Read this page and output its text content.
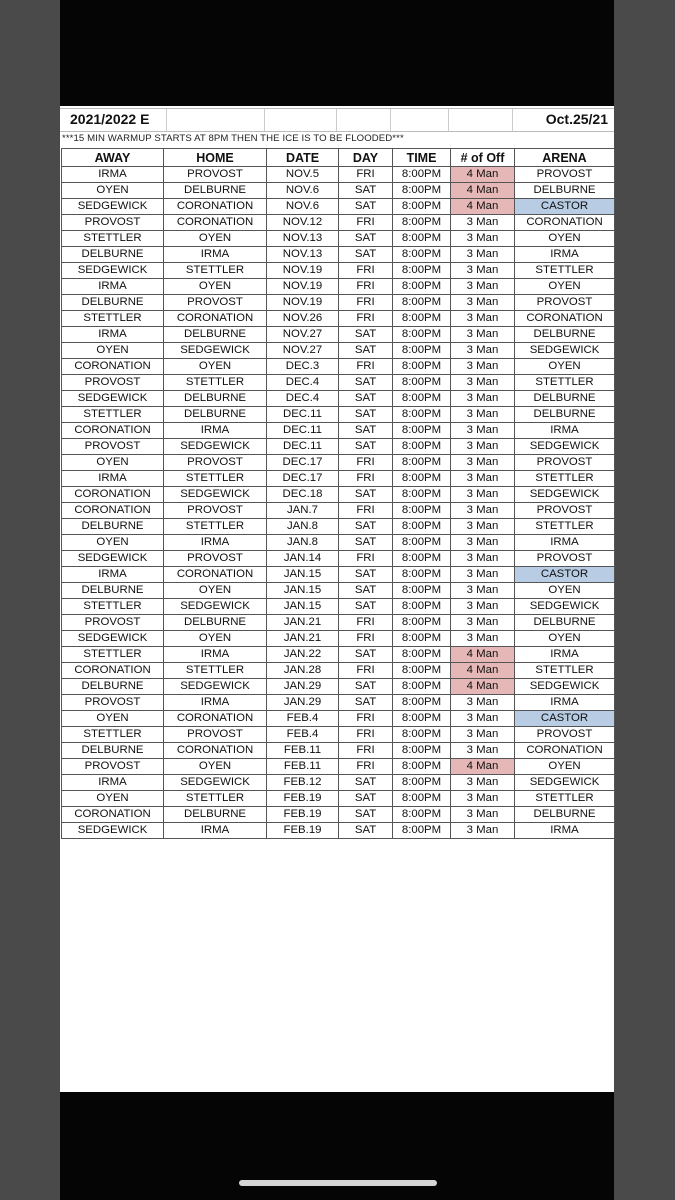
2021/2022 E	Oct.25/21
***15 MIN WARMUP STARTS AT 8PM THEN THE ICE IS TO BE FLOODED***
AWAY	HOME	DATE	DAY	TIME	# of Off	ARENA
IRMA	PROVOST	NOV.5	FRI	8:00PM	4 Man	PROVOST
OYEN	DELBURNE	NOV.6	SAT	8:00PM	4 Man	DELBURNE
SEDGEWICK	CORONATION	NOV.6	SAT	8:00PM	4 Man	CASTOR
PROVOST	CORONATION	NOV.12	FRI	8:00PM	3 Man	CORONATION
STETTLER	OYEN	NOV.13	SAT	8:00PM	3 Man	OYEN
DELBURNE	IRMA	NOV.13	SAT	8:00PM	3 Man	IRMA
SEDGEWICK	STETTLER	NOV.19	FRI	8:00PM	3 Man	STETTLER
IRMA	OYEN	NOV.19	FRI	8:00PM	3 Man	OYEN
DELBURNE	PROVOST	NOV.19	FRI	8:00PM	3 Man	PROVOST
STETTLER	CORONATION	NOV.26	FRI	8:00PM	3 Man	CORONATION
IRMA	DELBURNE	NOV.27	SAT	8:00PM	3 Man	DELBURNE
OYEN	SEDGEWICK	NOV.27	SAT	8:00PM	3 Man	SEDGEWICK
CORONATION	OYEN	DEC.3	FRI	8:00PM	3 Man	OYEN
PROVOST	STETTLER	DEC.4	SAT	8:00PM	3 Man	STETTLER
SEDGEWICK	DELBURNE	DEC.4	SAT	8:00PM	3 Man	DELBURNE
STETTLER	DELBURNE	DEC.11	SAT	8:00PM	3 Man	DELBURNE
CORONATION	IRMA	DEC.11	SAT	8:00PM	3 Man	IRMA
PROVOST	SEDGEWICK	DEC.11	SAT	8:00PM	3 Man	SEDGEWICK
OYEN	PROVOST	DEC.17	FRI	8:00PM	3 Man	PROVOST
IRMA	STETTLER	DEC.17	FRI	8:00PM	3 Man	STETTLER
CORONATION	SEDGEWICK	DEC.18	SAT	8:00PM	3 Man	SEDGEWICK
CORONATION	PROVOST	JAN.7	FRI	8:00PM	3 Man	PROVOST
DELBURNE	STETTLER	JAN.8	SAT	8:00PM	3 Man	STETTLER
OYEN	IRMA	JAN.8	SAT	8:00PM	3 Man	IRMA
SEDGEWICK	PROVOST	JAN.14	FRI	8:00PM	3 Man	PROVOST
IRMA	CORONATION	JAN.15	SAT	8:00PM	3 Man	CASTOR
DELBURNE	OYEN	JAN.15	SAT	8:00PM	3 Man	OYEN
STETTLER	SEDGEWICK	JAN.15	SAT	8:00PM	3 Man	SEDGEWICK
PROVOST	DELBURNE	JAN.21	FRI	8:00PM	3 Man	DELBURNE
SEDGEWICK	OYEN	JAN.21	FRI	8:00PM	3 Man	OYEN
STETTLER	IRMA	JAN.22	SAT	8:00PM	4 Man	IRMA
CORONATION	STETTLER	JAN.28	FRI	8:00PM	4 Man	STETTLER
DELBURNE	SEDGEWICK	JAN.29	SAT	8:00PM	4 Man	SEDGEWICK
PROVOST	IRMA	JAN.29	SAT	8:00PM	3 Man	IRMA
OYEN	CORONATION	FEB.4	FRI	8:00PM	3 Man	CASTOR
STETTLER	PROVOST	FEB.4	FRI	8:00PM	3 Man	PROVOST
DELBURNE	CORONATION	FEB.11	FRI	8:00PM	3 Man	CORONATION
PROVOST	OYEN	FEB.11	FRI	8:00PM	4 Man	OYEN
IRMA	SEDGEWICK	FEB.12	SAT	8:00PM	3 Man	SEDGEWICK
OYEN	STETTLER	FEB.19	SAT	8:00PM	3 Man	STETTLER
CORONATION	DELBURNE	FEB.19	SAT	8:00PM	3 Man	DELBURNE
SEDGEWICK	IRMA	FEB.19	SAT	8:00PM	3 Man	IRMA
